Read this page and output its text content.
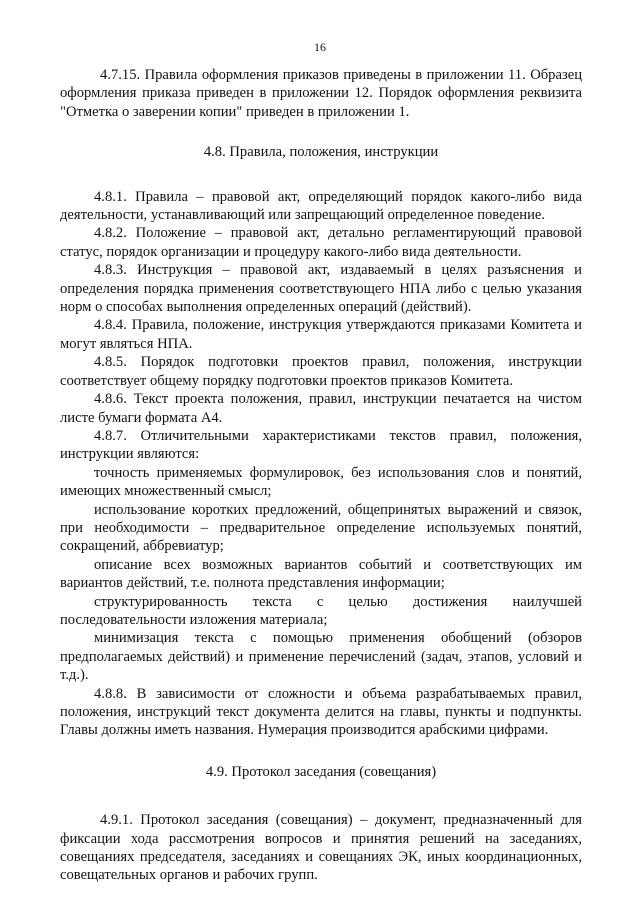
16

4.7.15. Правила оформления приказов приведены в приложении 11. Образец оформления приказа приведен в приложении 12. Порядок оформления реквизита "Отметка о заверении копии" приведен в приложении 1.

4.8. Правила, положения, инструкции

4.8.1. Правила – правовой акт, определяющий порядок какого-либо вида деятельности, устанавливающий или запрещающий определенное поведение.

4.8.2. Положение – правовой акт, детально регламентирующий правовой статус, порядок организации и процедуру какого-либо вида деятельности.

4.8.3. Инструкция – правовой акт, издаваемый в целях разъяснения и определения порядка применения соответствующего НПА либо с целью указания норм о способах выполнения определенных операций (действий).

4.8.4. Правила, положение, инструкция утверждаются приказами Комитета и могут являться НПА.

4.8.5. Порядок подготовки проектов правил, положения, инструкции соответствует общему порядку подготовки проектов приказов Комитета.

4.8.6. Текст проекта положения, правил, инструкции печатается на чистом листе бумаги формата А4.

4.8.7. Отличительными характеристиками текстов правил, положения, инструкции являются:

точность применяемых формулировок, без использования слов и понятий, имеющих множественный смысл;

использование коротких предложений, общепринятых выражений и связок, при необходимости – предварительное определение используемых понятий, сокращений, аббревиатур;

описание всех возможных вариантов событий и соответствующих им вариантов действий, т.е. полнота представления информации;

структурированность текста с целью достижения наилучшей последовательности изложения материала;

минимизация текста с помощью применения обобщений (обзоров предполагаемых действий) и применение перечислений (задач, этапов, условий и т.д.).

4.8.8. В зависимости от сложности и объема разрабатываемых правил, положения, инструкций текст документа делится на главы, пункты и подпункты. Главы должны иметь названия. Нумерация производится арабскими цифрами.

4.9. Протокол заседания (совещания)

4.9.1. Протокол заседания (совещания) – документ, предназначенный для фиксации хода рассмотрения вопросов и принятия решений на заседаниях, совещаниях председателя, заседаниях и совещаниях ЭК, иных координационных, совещательных органов и рабочих групп.
